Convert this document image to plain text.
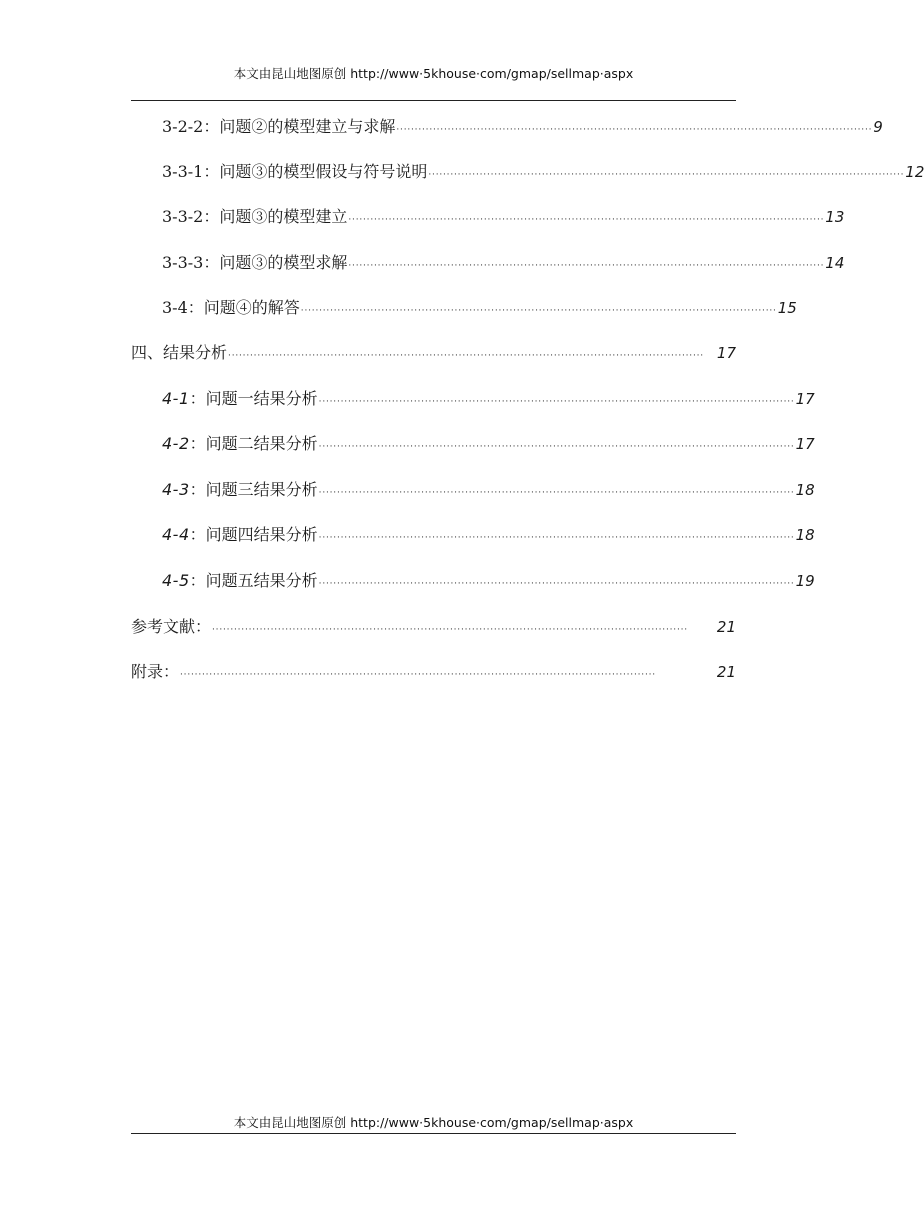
本文由昆山地图原创 http://www·5khouse·com/gmap/sellmap·aspx
3-2-2：问题②的模型建立与求解 ·································································································································· 9
3-3-1：问题③的模型假设与符号说明 ·································································································································· 12
3-3-2：问题③的模型建立 ·································································································································· 13
3-3-3：问题③的模型求解 ·································································································································· 14
3-4：问题④的解答 ·································································································································· 15
四、结果分析 ·································································································································· 17
4-1：问题一结果分析 ·································································································································· 17
4-2：问题二结果分析 ·································································································································· 17
4-3：问题三结果分析 ·································································································································· 18
4-4：问题四结果分析 ·································································································································· 18
4-5：问题五结果分析 ·································································································································· 19
参考文献： ··································································································································	21
附录： ··································································································································	21
本文由昆山地图原创 http://www·5khouse·com/gmap/sellmap·aspx
